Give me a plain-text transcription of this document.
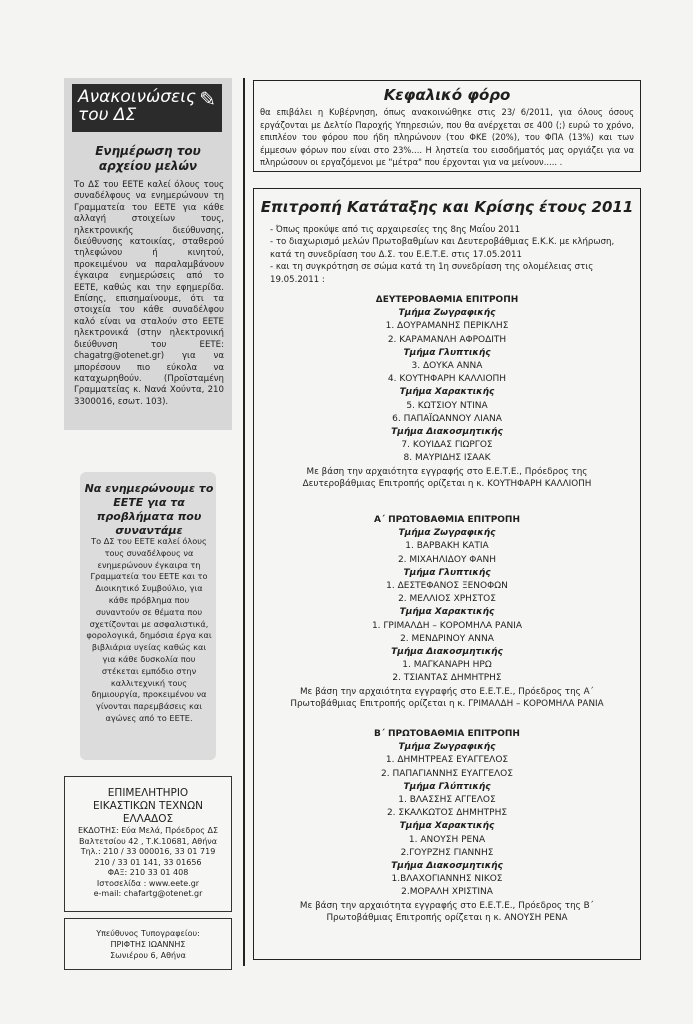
Ανακοινώσεις του ΔΣ
✎
Ενημέρωση του αρχείου μελών
Το ΔΣ του ΕΕΤΕ καλεί όλους τους συναδέλφους να ενημερώνουν τη Γραμματεία του ΕΕΤΕ για κάθε αλλαγή στοιχείων τους, ηλεκτρονικής διεύθυνσης, διεύθυνσης κατοικίας, σταθερού τηλεφώνου ή κινητού, προκειμένου να παραλαμβάνουν έγκαιρα ενημερώσεις από το ΕΕΤΕ, καθώς και την εφημερίδα. Επίσης, επισημαίνουμε, ότι τα στοιχεία του κάθε συναδέλφου καλό είναι να σταλούν στο ΕΕΤΕ ηλεκτρονικά (στην ηλεκτρονική διεύθυνση του ΕΕΤΕ: chagatrg@otenet.gr) για να μπορέσουν πιο εύκολα να καταχωρηθούν. (Προϊσταμένη Γραμματείας κ. Νανά Χούντα, 210 3300016, εσωτ. 103).
Να ενημερώνουμε το ΕΕΤΕ για τα προβλήματα που συναντάμε
Το ΔΣ του ΕΕΤΕ καλεί όλους τους συναδέλφους να ενημερώνουν έγκαιρα τη Γραμματεία του ΕΕΤΕ και το Διοικητικό Συμβούλιο, για κάθε πρόβλημα που συναντούν σε θέματα που σχετίζονται με ασφαλιστικά, φορολογικά, δημόσια έργα και βιβλιάρια υγείας καθώς και για κάθε δυσκολία που στέκεται εμπόδιο στην καλλιτεχνική τους δημιουργία, προκειμένου να γίνονται παρεμβάσεις και αγώνες από το ΕΕΤΕ.
ΕΠΙΜΕΛΗΤΗΡΙΟ
ΕΙΚΑΣΤΙΚΩΝ ΤΕΧΝΩΝ
ΕΛΛΑΔΟΣ
ΕΚΔΟΤΗΣ: Εύα Μελά, Πρόεδρος ΔΣ
Βαλτετσίου 42 , Τ.Κ.10681, Αθήνα
Τηλ.: 210 / 33 000016, 33 01 719
210 / 33 01 141, 33 01656
ΦΑΞ: 210 33 01 408
Ιστοσελίδα : www.eete.gr
e-mail: chafartg@otenet.gr
Υπεύθυνος Τυπογραφείου:
ΠΡΙΦΤΗΣ ΙΩΑΝΝΗΣ
Σωνιέρου 6, Αθήνα
Κεφαλικό φόρο
θα επιβάλει η Κυβέρνηση, όπως ανακοινώθηκε στις 23/ 6/2011, για όλους όσους εργάζονται με Δελτίο Παροχής Υπηρεσιών, που θα ανέρχεται σε 400 (;) ευρώ το χρόνο, επιπλέον του φόρου που ήδη πληρώνουν (του ΦΚΕ (20%), του ΦΠΑ (13%) και των έμμεσων φόρων που είναι στο 23%.... Η ληστεία του εισοδήματός μας οργιάζει για να πληρώσουν οι εργαζόμενοι με "μέτρα" που έρχονται για να μείνουν..... .
Επιτροπή Κατάταξης και Κρίσης έτους 2011
- Όπως προκύψε από τις αρχαιρεσίες της 8ης Μαΐου 2011
- το διαχωρισμό μελών Πρωτοβαθμίων και Δευτεροβάθμιας Ε.Κ.Κ. με κλήρωση, κατά τη συνεδρίαση του Δ.Σ. του Ε.Ε.Τ.Ε. στις 17.05.2011
- και τη συγκρότηση σε σώμα κατά τη 1η συνεδρίαση της ολομέλειας στις 19.05.2011 :
ΔΕΥΤΕΡΟΒΑΘΜΙΑ ΕΠΙΤΡΟΠΗ
Τμήμα Ζωγραφικής
1. ΔΟΥΡΑΜΑΝΗΣ ΠΕΡΙΚΛΗΣ
2. ΚΑΡΑΜΑΝΛΗ ΑΦΡΟΔΙΤΗ
Τμήμα Γλυπτικής
3. ΔΟΥΚΑ ΑΝΝΑ
4. ΚΟΥΤΗΦΑΡΗ ΚΑΛΛΙΟΠΗ
Τμήμα Χαρακτικής
5. ΚΩΤΣΙΟΥ ΝΤΙΝΑ
6. ΠΑΠΑΪΩΑΝΝΟΥ ΛΙΑΝΑ
Τμήμα Διακοσμητικής
7. ΚΟΥΙΔΑΣ ΓΙΩΡΓΟΣ
8. ΜΑΥΡΙΔΗΣ ΙΣΑΑΚ
Με βάση την αρχαιότητα εγγραφής στο Ε.Ε.Τ.Ε., Πρόεδρος της Δευτεροβάθμιας Επιτροπής ορίζεται η κ. ΚΟΥΤΗΦΑΡΗ ΚΑΛΛΙΟΠΗ
Α΄ ΠΡΩΤΟΒΑΘΜΙΑ ΕΠΙΤΡΟΠΗ
Τμήμα Ζωγραφικής
1. ΒΑΡΒΑΚΗ ΚΑΤΙΑ
2. ΜΙΧΑΗΛΙΔΟΥ ΦΑΝΗ
Τμήμα Γλυπτικής
1. ΔΕΣΤΕΦΑΝΟΣ ΞΕΝΟΦΩΝ
2. ΜΕΛΛΙΟΣ ΧΡΗΣΤΟΣ
Τμήμα Χαρακτικής
1. ΓΡΙΜΑΛΔΗ – ΚΟΡΟΜΗΛΑ ΡΑΝΙΑ
2. ΜΕΝΔΡΙΝΟΥ ΑΝΝΑ
Τμήμα Διακοσμητικής
1. ΜΑΓΚΑΝΑΡΗ ΗΡΩ
2. ΤΣΙΑΝΤΑΣ ΔΗΜΗΤΡΗΣ
Με βάση την αρχαιότητα εγγραφής στο Ε.Ε.Τ.Ε., Πρόεδρος της Α΄ Πρωτοβάθμιας Επιτροπής ορίζεται η κ. ΓΡΙΜΑΛΔΗ – ΚΟΡΟΜΗΛΑ ΡΑΝΙΑ
Β΄ ΠΡΩΤΟΒΑΘΜΙΑ ΕΠΙΤΡΟΠΗ
Τμήμα Ζωγραφικής
1. ΔΗΜΗΤΡΕΑΣ ΕΥΑΓΓΕΛΟΣ
2. ΠΑΠΑΓΙΑΝΝΗΣ ΕΥΑΓΓΕΛΟΣ
Τμήμα Γλύπτικής
1. ΒΛΑΣΣΗΣ ΑΓΓΕΛΟΣ
2. ΣΚΑΛΚΩΤΟΣ ΔΗΜΗΤΡΗΣ
Τμήμα Χαρακτικής
1. ΑΝΟΥΣΗ ΡΕΝΑ
2.ΓΟΥΡΖΗΣ ΓΙΑΝΝΗΣ
Τμήμα Διακοσμητικής
1.ΒΛΑΧΟΓΙΑΝΝΗΣ ΝΙΚΟΣ
2.ΜΟΡΑΛΗ ΧΡΙΣΤΙΝΑ
Με βάση την αρχαιότητα εγγραφής στο Ε.Ε.Τ.Ε., Πρόεδρος της Β΄ Πρωτοβάθμιας Επιτροπής ορίζεται η κ. ΑΝΟΥΣΗ ΡΕΝΑ
